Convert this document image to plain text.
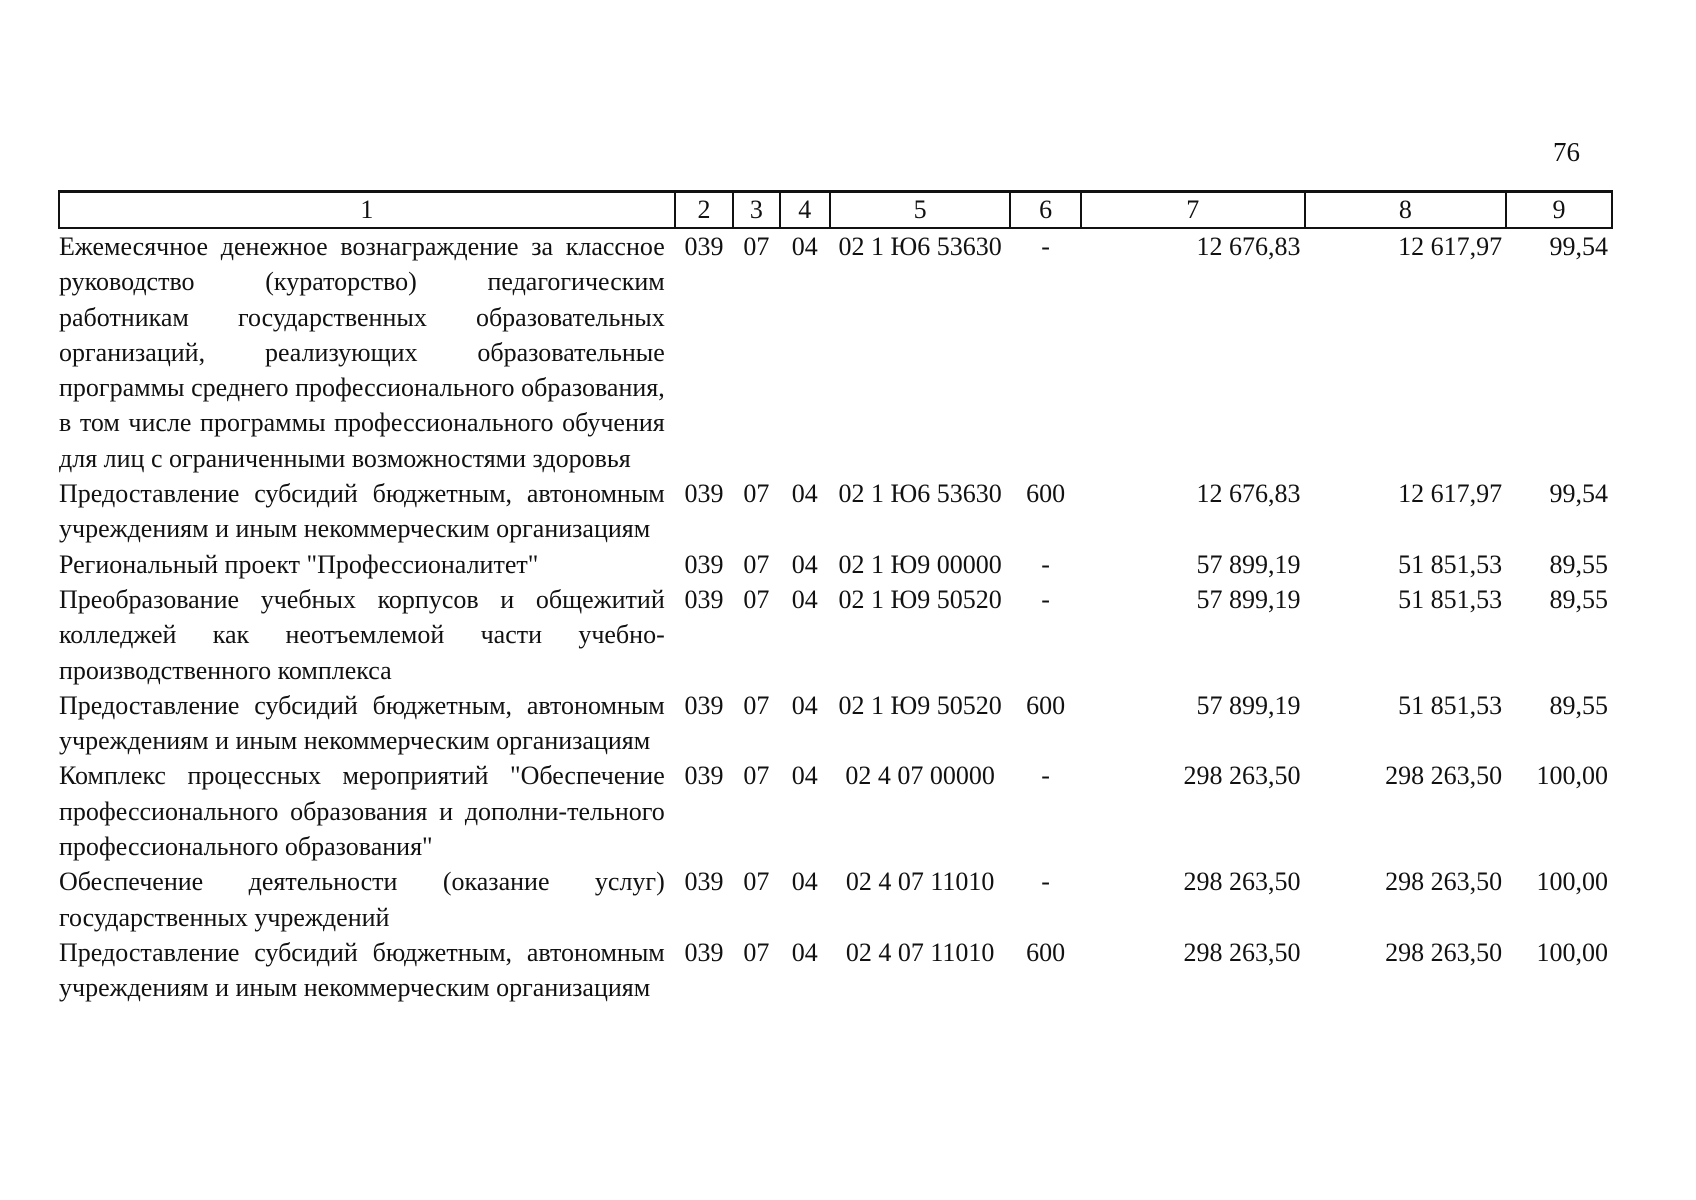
76
1	2	3	4	5	6	7	8	9
Ежемесячное денежное вознаграждение за классное руководство (кураторство) педагогическим работникам государственных образовательных организаций, реализующих образовательные программы среднего профессионального образования, в том числе программы профессионального обучения для лиц с ограниченными возможностями здоровья	039	07	04	02 1 Ю6 53630	-	12 676,83	12 617,97	99,54
Предоставление субсидий бюджетным, автономным учреждениям и иным некоммерческим организациям	039	07	04	02 1 Ю6 53630	600	12 676,83	12 617,97	99,54
Региональный проект "Профессионалитет"	039	07	04	02 1 Ю9 00000	-	57 899,19	51 851,53	89,55
Преобразование учебных корпусов и общежитий колледжей как неотъемлемой части учебно-производственного комплекса	039	07	04	02 1 Ю9 50520	-	57 899,19	51 851,53	89,55
Предоставление субсидий бюджетным, автономным учреждениям и иным некоммерческим организациям	039	07	04	02 1 Ю9 50520	600	57 899,19	51 851,53	89,55
Комплекс процессных мероприятий "Обеспечение профессионального образования и дополни-тельного профессионального образования"	039	07	04	02 4 07 00000	-	298 263,50	298 263,50	100,00
Обеспечение деятельности (оказание услуг) государственных учреждений	039	07	04	02 4 07 11010	-	298 263,50	298 263,50	100,00
Предоставление субсидий бюджетным, автономным учреждениям и иным некоммерческим организациям	039	07	04	02 4 07 11010	600	298 263,50	298 263,50	100,00
